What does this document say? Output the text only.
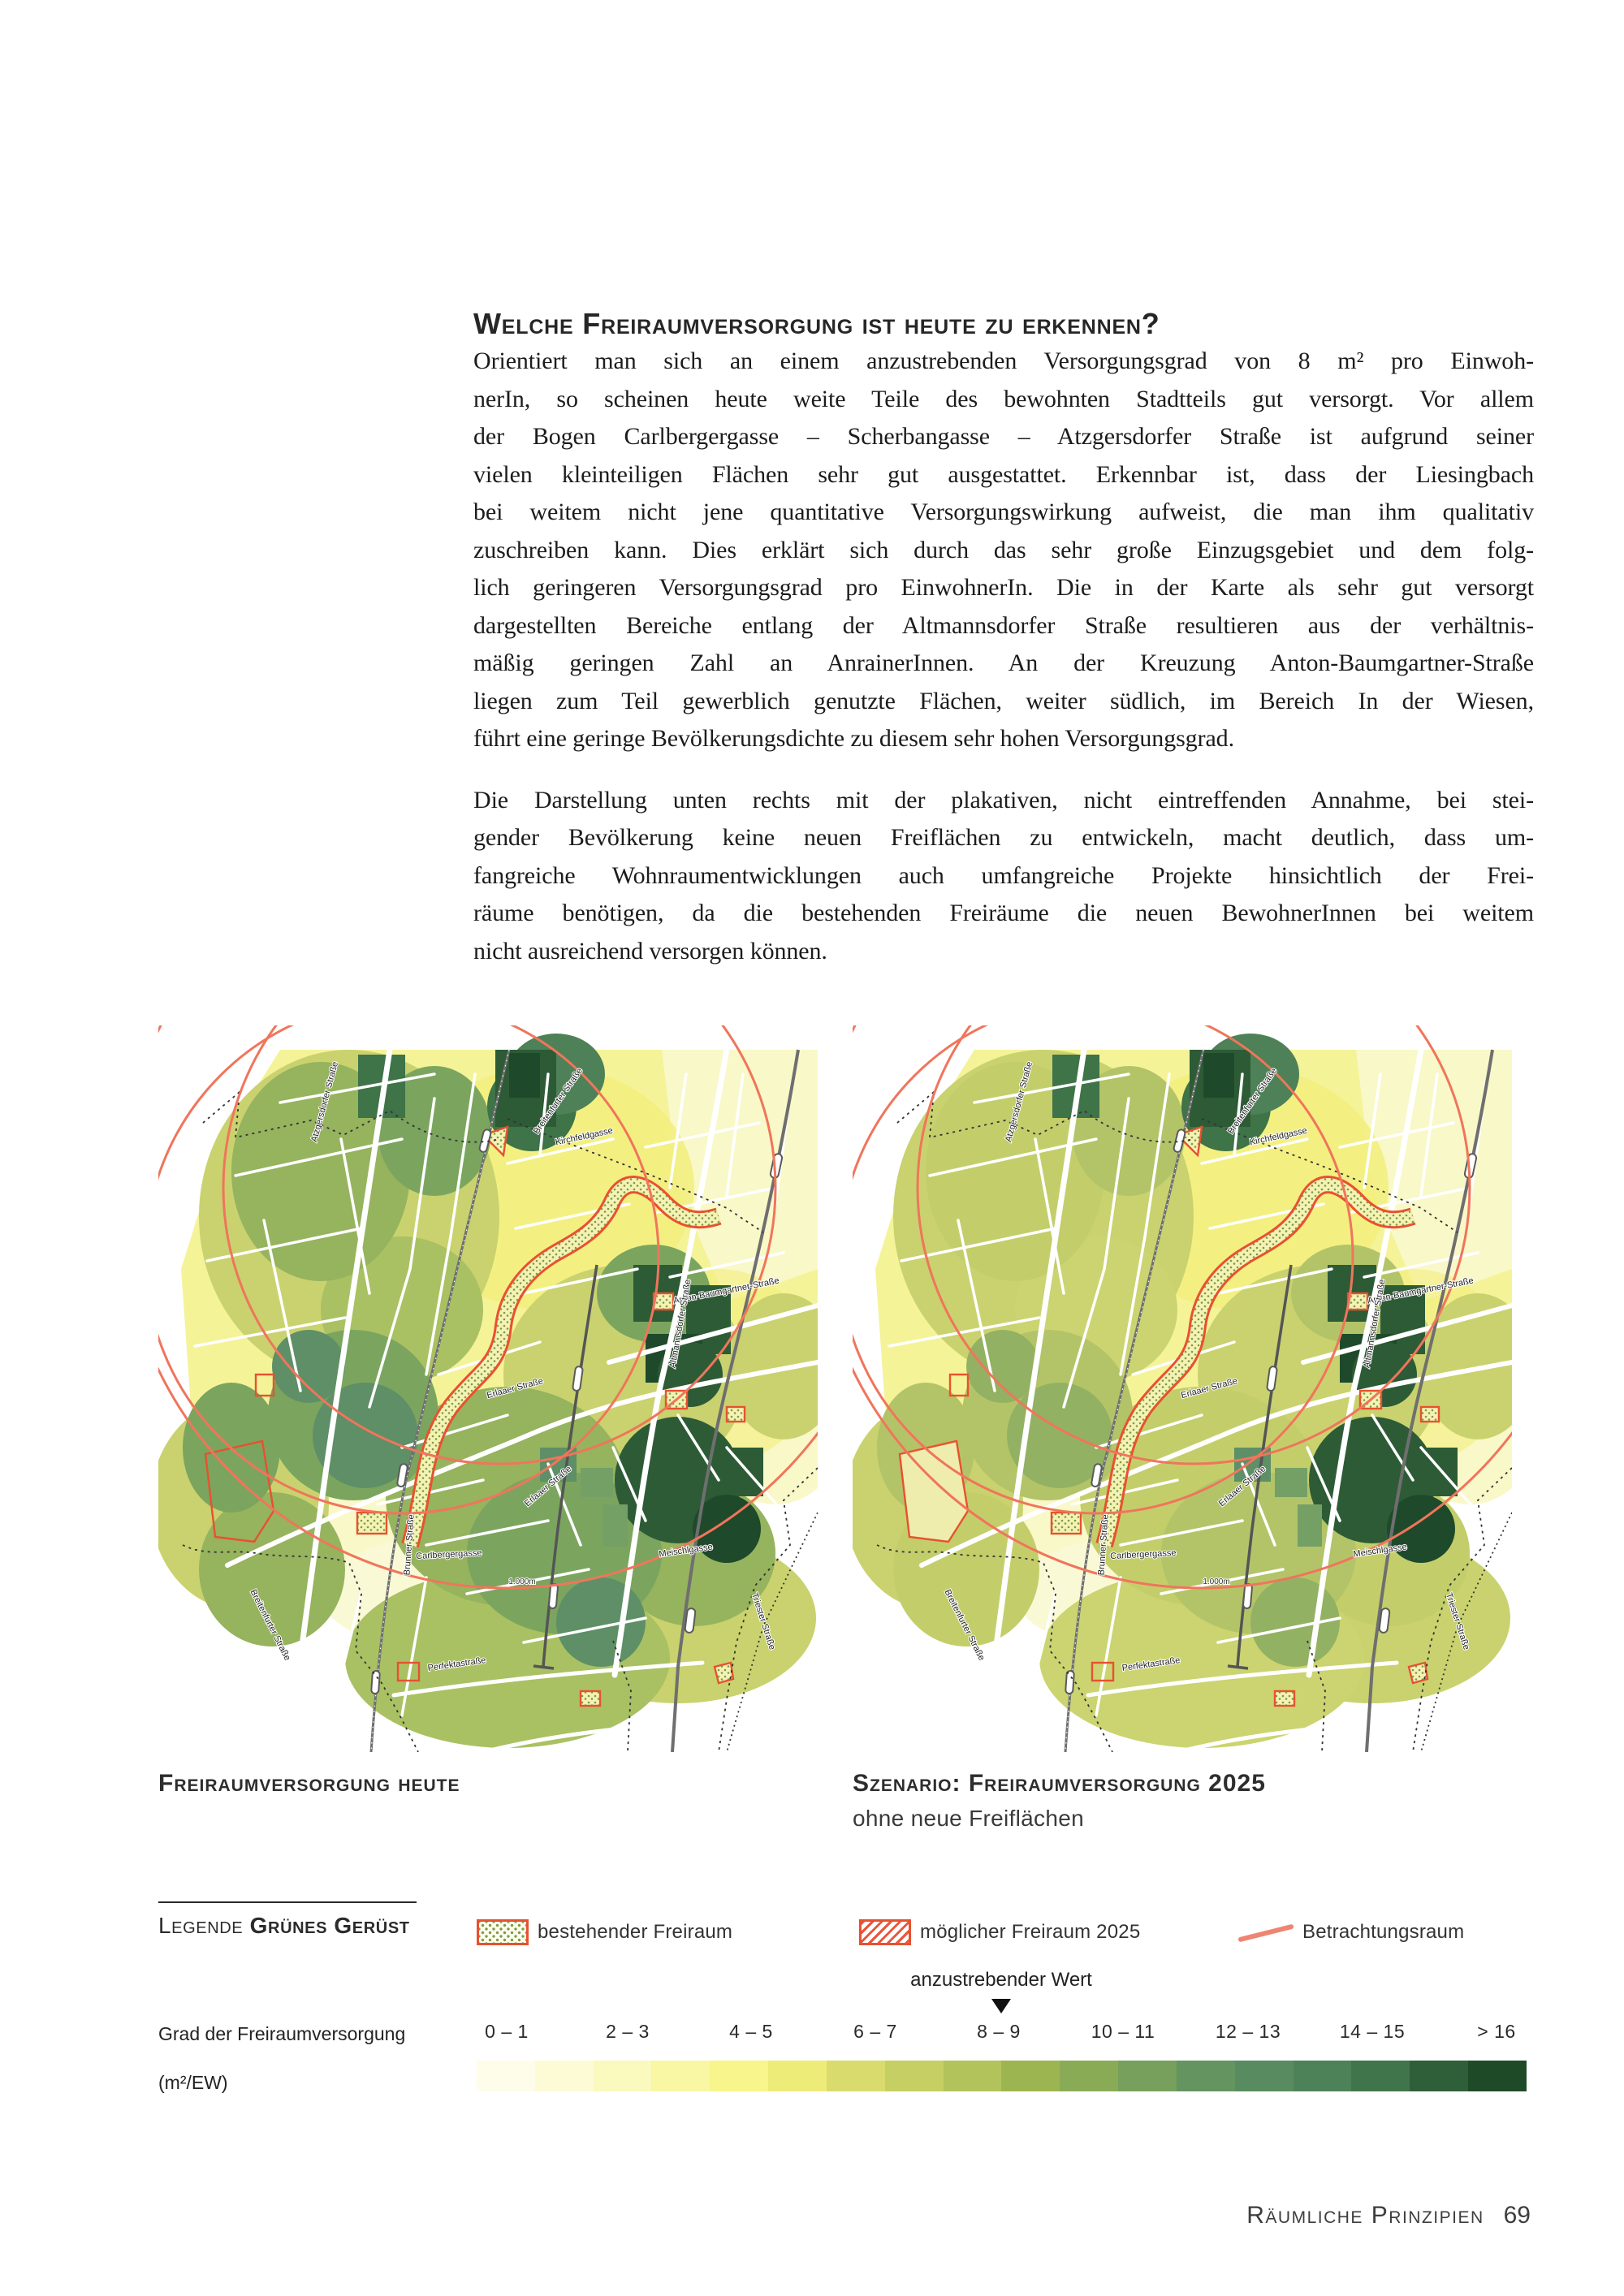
Welche Freiraumversorgung ist heute zu erkennen?
Orientiert man sich an einem anzustrebenden Versorgungsgrad von 8 m² pro Einwoh-
nerIn, so scheinen heute weite Teile des bewohnten Stadtteils gut versorgt. Vor allem
der Bogen Carlbergergasse – Scherbangasse – Atzgersdorfer Straße ist aufgrund seiner
vielen kleinteiligen Flächen sehr gut ausgestattet. Erkennbar ist, dass der Liesingbach
bei weitem nicht jene quantitative Versorgungswirkung aufweist, die man ihm qualitativ
zuschreiben kann. Dies erklärt sich durch das sehr große Einzugsgebiet und dem folg-
lich geringeren Versorgungsgrad pro EinwohnerIn. Die in der Karte als sehr gut versorgt
dargestellten Bereiche entlang der Altmannsdorfer Straße resultieren aus der verhältnis-
mäßig geringen Zahl an AnrainerInnen. An der Kreuzung Anton-Baumgartner-Straße
liegen zum Teil gewerblich genutzte Flächen, weiter südlich, im Bereich In der Wiesen,
führt eine geringe Bevölkerungsdichte zu diesem sehr hohen Versorgungsgrad.
Die Darstellung unten rechts mit der plakativen, nicht eintreffenden Annahme, bei stei-
gender Bevölkerung keine neuen Freiflächen zu entwickeln, macht deutlich, dass um-
fangreiche Wohnraumentwicklungen auch umfangreiche Projekte hinsichtlich der Frei-
räume benötigen, da die bestehenden Freiräume die neuen BewohnerInnen bei weitem
nicht ausreichend versorgen können.
Freiraumversorgung heute	Szenario: Freiraumversorgung 2025
ohne neue Freiflächen
Legende Grünes Gerüst	bestehender Freiraum	möglicher Freiraum 2025	Betrachtungsraum
anzustrebender Wert
Grad der Freiraumversorgung
(m²/EW)
0 – 1	2 – 3	4 – 5	6 – 7	8 – 9	10 – 11	12 – 13	14 – 15	> 16
Räumliche Prinzipien 69
